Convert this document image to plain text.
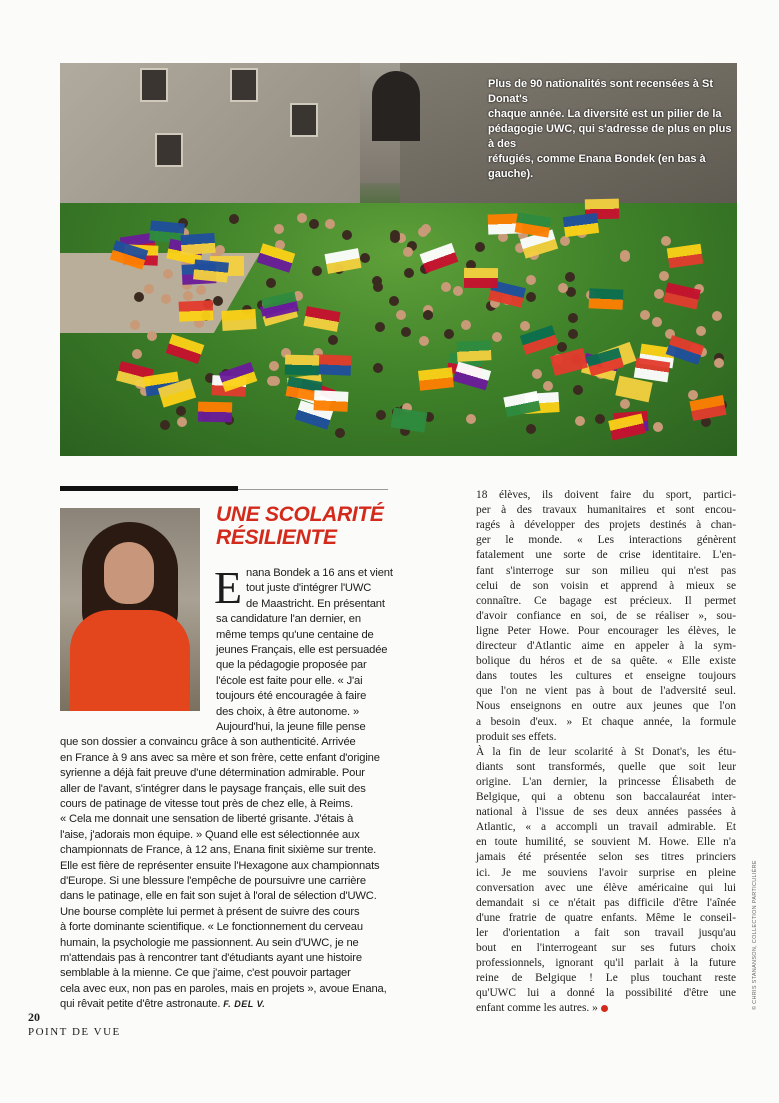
Plus de 90 nationalités sont recensées à St Donat's
chaque année. La diversité est un pilier de la
pédagogie UWC, qui s'adresse de plus en plus à des
réfugiés, comme Enana Bondek (en bas à gauche).
UNE SCOLARITÉ
RÉSILIENTE
E nana Bondek a 16 ans et vient
tout juste d'intégrer l'UWC
de Maastricht. En présentant
sa candidature l'an dernier, en
même temps qu'une centaine de
jeunes Français, elle est persuadée
que la pédagogie proposée par
l'école est faite pour elle. « J'ai
toujours été encouragée à faire
des choix, à être autonome. »
Aujourd'hui, la jeune fille pense
que son dossier a convaincu grâce à son authenticité. Arrivée
en France à 9 ans avec sa mère et son frère, cette enfant d'origine
syrienne a déjà fait preuve d'une détermination admirable. Pour
aller de l'avant, s'intégrer dans le paysage français, elle suit des
cours de patinage de vitesse tout près de chez elle, à Reims.
« Cela me donnait une sensation de liberté grisante. J'étais à
l'aise, j'adorais mon équipe. » Quand elle est sélectionnée aux
championnats de France, à 12 ans, Enana finit sixième sur trente.
Elle est fière de représenter ensuite l'Hexagone aux championnats
d'Europe. Si une blessure l'empêche de poursuivre une carrière
dans le patinage, elle en fait son sujet à l'oral de sélection d'UWC.
Une bourse complète lui permet à présent de suivre des cours
à forte dominante scientifique. « Le fonctionnement du cerveau
humain, la psychologie me passionnent. Au sein d'UWC, je ne
m'attendais pas à rencontrer tant d'étudiants ayant une histoire
semblable à la mienne. Ce que j'aime, c'est pouvoir partager
cela avec eux, non pas en paroles, mais en projets », avoue Enana,
qui rêvait petite d'être astronaute. F. DEL V.
18 élèves, ils doivent faire du sport, partici-
per à des travaux humanitaires et sont encou-
ragés à développer des projets destinés à chan-
ger le monde. « Les interactions génèrent
fatalement une sorte de crise identitaire. L'en-
fant s'interroge sur son milieu qui n'est pas
celui de son voisin et apprend à mieux se
connaître. Ce bagage est précieux. Il permet
d'avoir confiance en soi, de se réaliser », sou-
ligne Peter Howe. Pour encourager les élèves, le
directeur d'Atlantic aime en appeler à la sym-
bolique du héros et de sa quête. « Elle existe
dans toutes les cultures et enseigne toujours
que l'on ne vient pas à bout de l'adversité seul.
Nous enseignons en outre aux jeunes que l'on
a besoin d'eux. » Et chaque année, la formule
produit ses effets.
À la fin de leur scolarité à St Donat's, les étu-
diants sont transformés, quelle que soit leur
origine. L'an dernier, la princesse Élisabeth de
Belgique, qui a obtenu son baccalauréat inter-
national à l'issue de ses deux années passées à
Atlantic, « a accompli un travail admirable. Et
en toute humilité, se souvient M. Howe. Elle n'a
jamais été présentée selon ses titres princiers
ici. Je me souviens l'avoir surprise en pleine
conversation avec une élève américaine qui lui
demandait si ce n'était pas difficile d'être l'aînée
d'une fratrie de quatre enfants. Même le conseil-
ler d'orientation a fait son travail jusqu'au
bout en l'interrogeant sur ses futurs choix
professionnels, ignorant qu'il parlait à la future
reine de Belgique ! Le plus touchant reste
qu'UWC lui a donné la possibilité d'être une
enfant comme les autres. »
20
POINT DE VUE
© CHRIS STANANSON, COLLECTION PARTICULIÈRE
